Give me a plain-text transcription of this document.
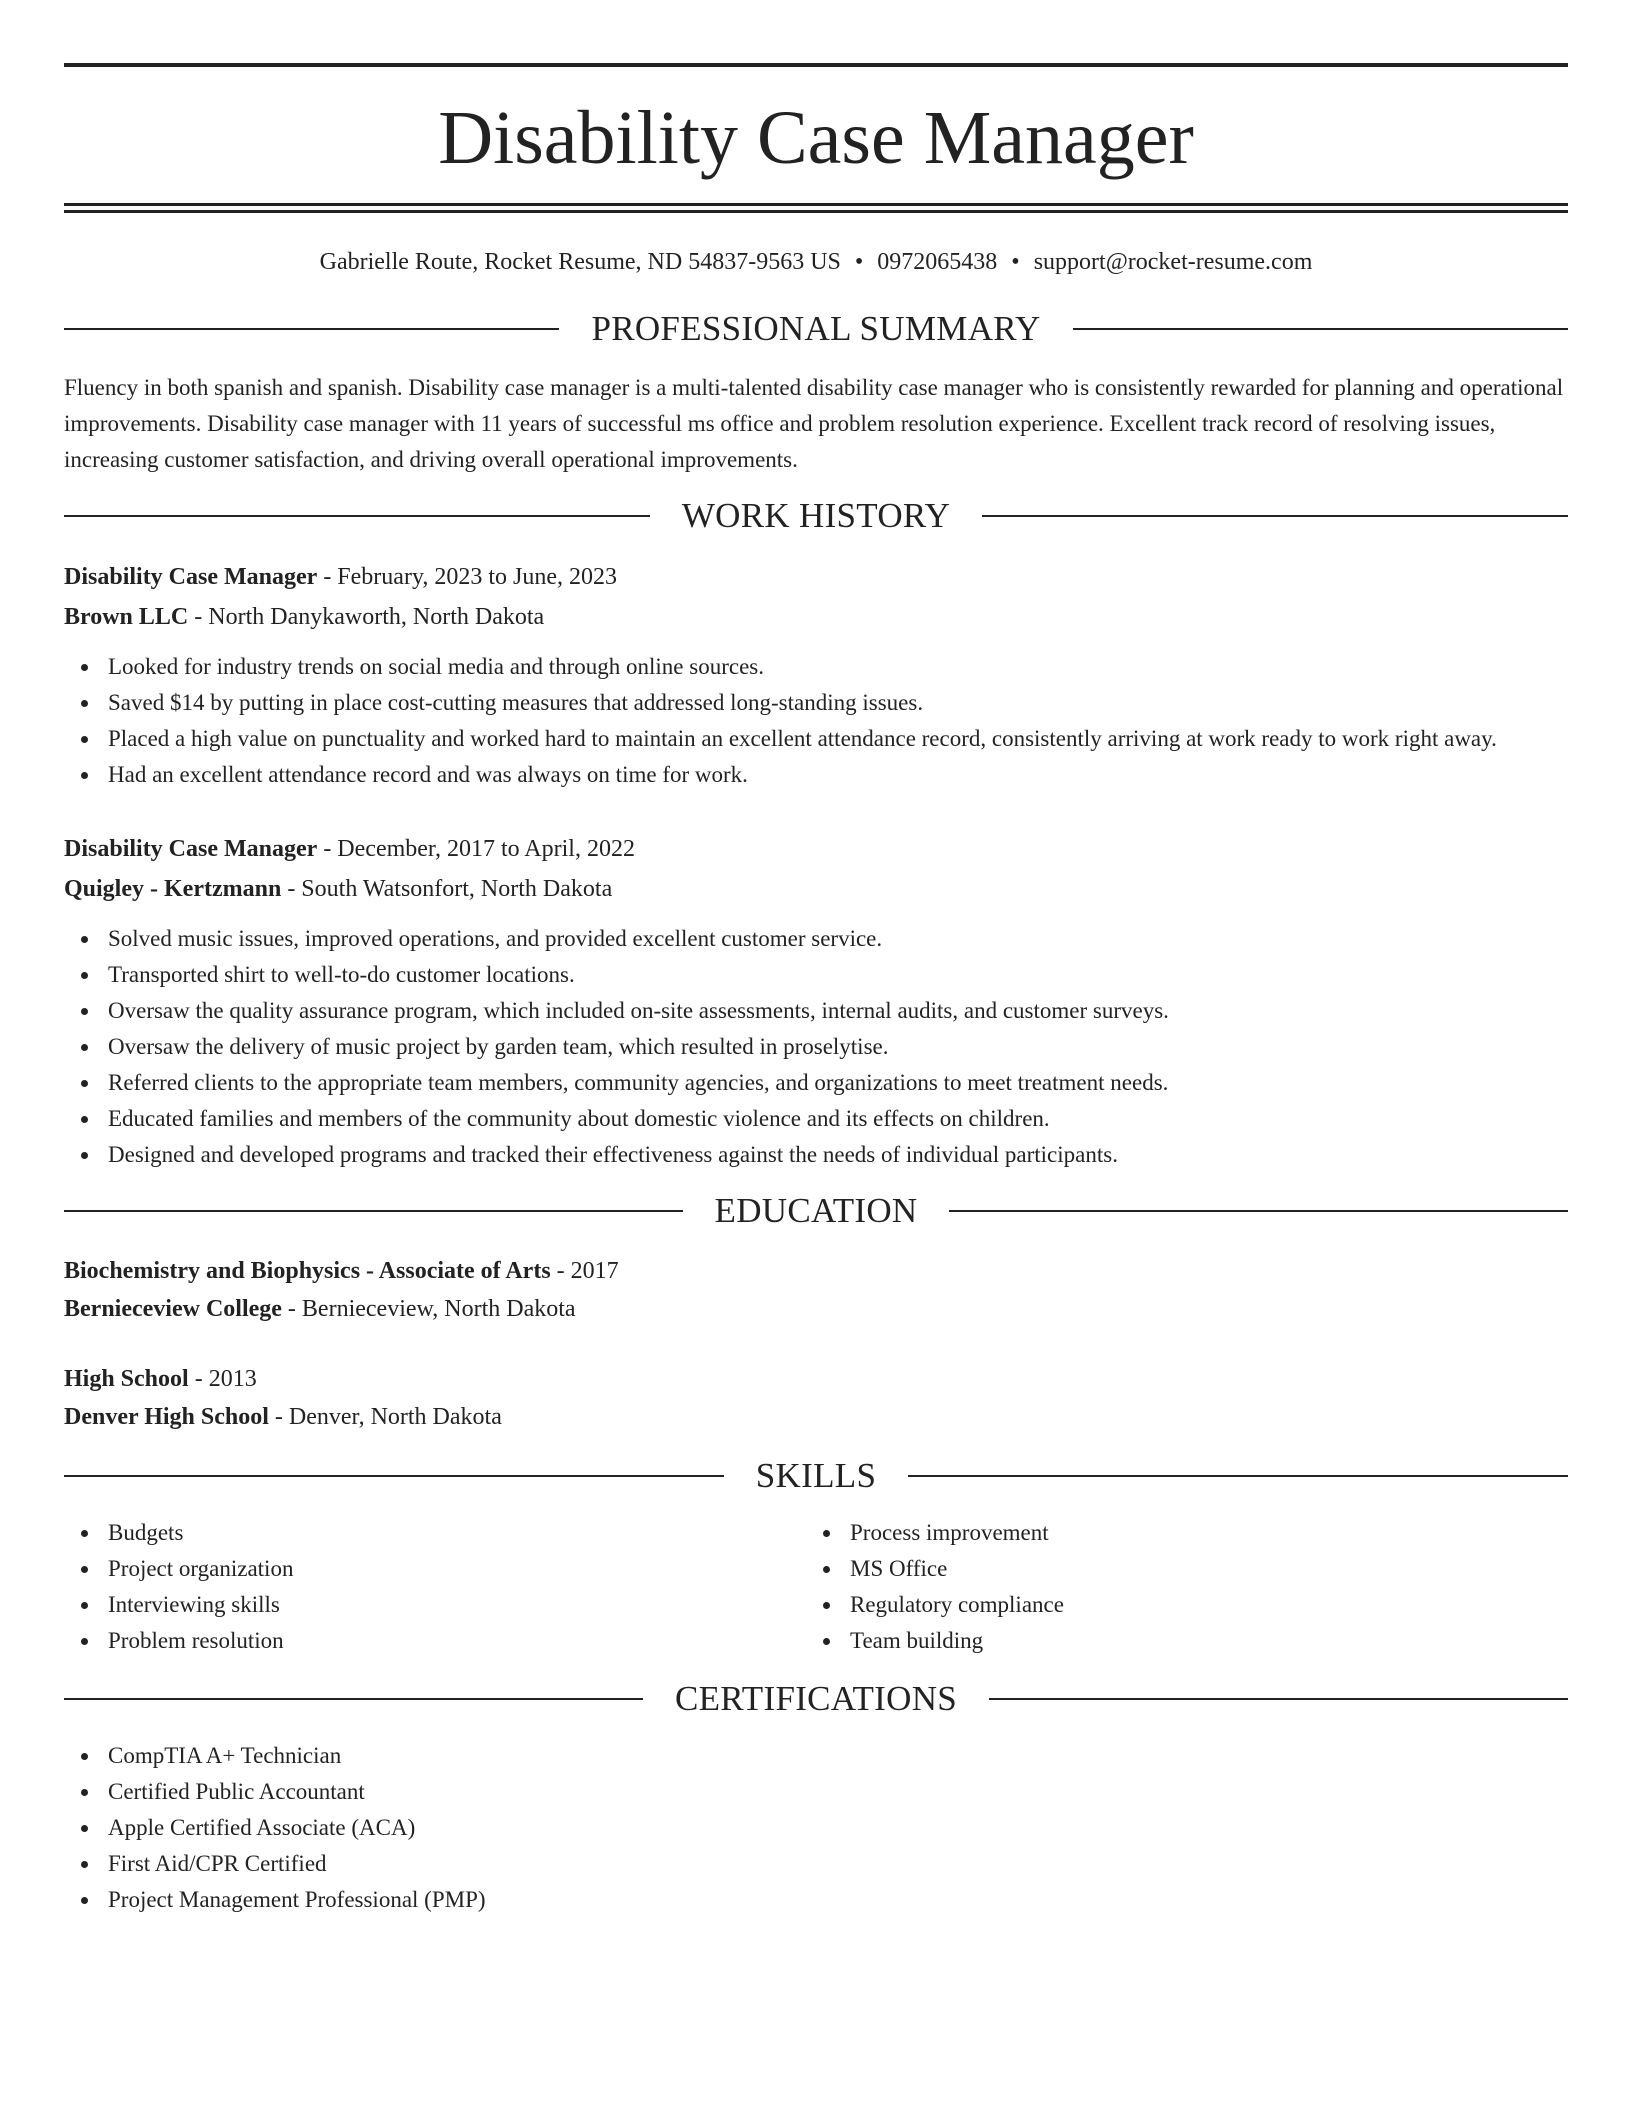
Disability Case Manager
Gabrielle Route, Rocket Resume, ND 54837-9563 US • 0972065438 • support@rocket-resume.com
PROFESSIONAL SUMMARY
Fluency in both spanish and spanish. Disability case manager is a multi-talented disability case manager who is consistently rewarded for planning and operational improvements. Disability case manager with 11 years of successful ms office and problem resolution experience. Excellent track record of resolving issues, increasing customer satisfaction, and driving overall operational improvements.
WORK HISTORY
Disability Case Manager - February, 2023 to June, 2023
Brown LLC - North Danykaworth, North Dakota
Looked for industry trends on social media and through online sources.
Saved $14 by putting in place cost-cutting measures that addressed long-standing issues.
Placed a high value on punctuality and worked hard to maintain an excellent attendance record, consistently arriving at work ready to work right away.
Had an excellent attendance record and was always on time for work.
Disability Case Manager - December, 2017 to April, 2022
Quigley - Kertzmann - South Watsonfort, North Dakota
Solved music issues, improved operations, and provided excellent customer service.
Transported shirt to well-to-do customer locations.
Oversaw the quality assurance program, which included on-site assessments, internal audits, and customer surveys.
Oversaw the delivery of music project by garden team, which resulted in proselytise.
Referred clients to the appropriate team members, community agencies, and organizations to meet treatment needs.
Educated families and members of the community about domestic violence and its effects on children.
Designed and developed programs and tracked their effectiveness against the needs of individual participants.
EDUCATION
Biochemistry and Biophysics - Associate of Arts - 2017
Bernieceview College - Bernieceview, North Dakota
High School - 2013
Denver High School - Denver, North Dakota
SKILLS
Budgets
Project organization
Interviewing skills
Problem resolution
Process improvement
MS Office
Regulatory compliance
Team building
CERTIFICATIONS
CompTIA A+ Technician
Certified Public Accountant
Apple Certified Associate (ACA)
First Aid/CPR Certified
Project Management Professional (PMP)
